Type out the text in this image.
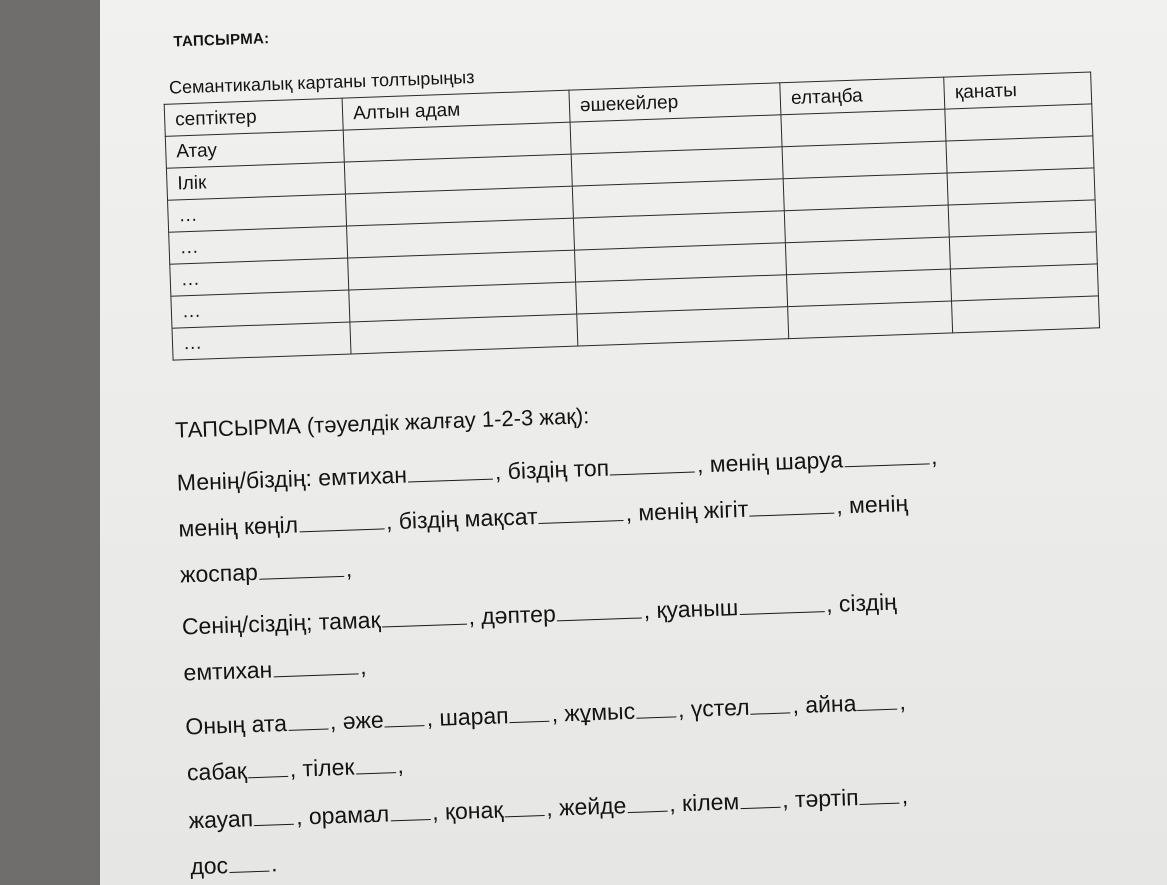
ТАПСЫРМА:
Семантикалық картаны толтырыңыз
септіктер	Алтын адам	әшекейлер	елтаңба	қанаты
Атау				
Ілік				
…				
…				
…				
…				
…				
ТАПСЫРМА (тәуелдік жалғау 1-2-3 жақ):
Менің/біздің: емтихан	, біздің топ	, менің шаруа	,
менің көңіл	, біздің мақсат	, менің жігіт	, менің
жоспар	,
Сенің/сіздің; тамақ	, дәптер	, қуаныш	, сіздің
емтихан	,
Оның ата , әже , шарап , жұмыс , үстел , айна ,
сабақ , тілек ,
жауап , орамал , қонақ , жейде , кілем , тәртіп ,
дос .
